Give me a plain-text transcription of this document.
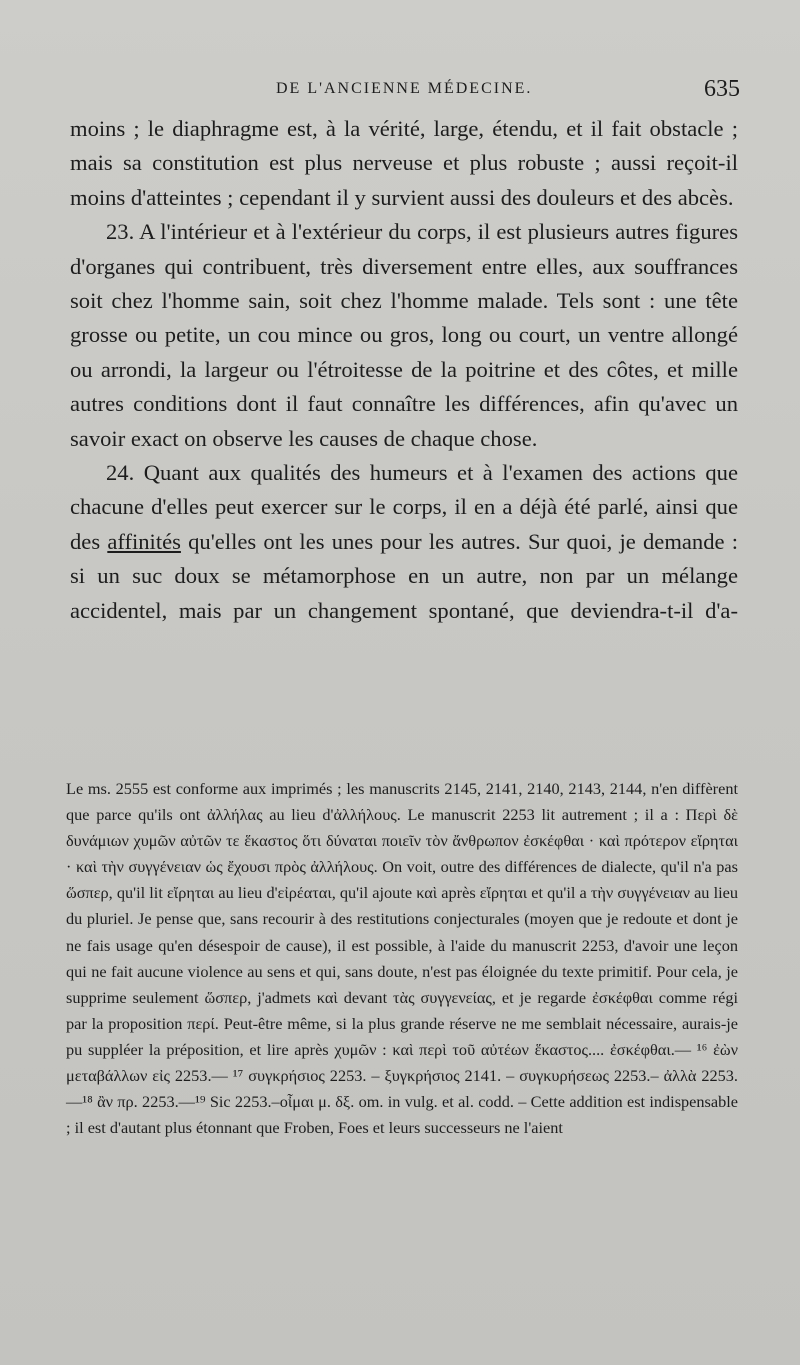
DE L'ANCIENNE MÉDECINE.	635

moins ; le diaphragme est, à la vérité, large, étendu, et il fait obstacle ; mais sa constitution est plus nerveuse et plus robuste ; aussi reçoit-il moins d'atteintes ; cependant il y survient aussi des douleurs et des abcès.

23. A l'intérieur et à l'extérieur du corps, il est plusieurs autres figures d'organes qui contribuent, très diversement entre elles, aux souffrances soit chez l'homme sain, soit chez l'homme malade. Tels sont : une tête grosse ou petite, un cou mince ou gros, long ou court, un ventre allongé ou arrondi, la largeur ou l'étroitesse de la poitrine et des côtes, et mille autres conditions dont il faut connaître les différences, afin qu'avec un savoir exact on observe les causes de chaque chose.

24. Quant aux qualités des humeurs et à l'examen des actions que chacune d'elles peut exercer sur le corps, il en a déjà été parlé, ainsi que des affinités qu'elles ont les unes pour les autres. Sur quoi, je demande : si un suc doux se métamorphose en un autre, non par un mélange accidentel, mais par un changement spontané, que deviendra-t-il d'a-

Le ms. 2555 est conforme aux imprimés ; les manuscrits 2145, 2141, 2140, 2143, 2144, n'en diffèrent que parce qu'ils ont ἀλλήλας au lieu d'ἀλλήλους. Le manuscrit 2253 lit autrement ; il a : Περὶ δὲ δυνάμιων χυμῶν αὐτῶν τε ἕκαστος ὅτι δύναται ποιεῖν τὸν ἄνθρωπον ἐσκέφθαι · καὶ πρότερον εἴρηται · καὶ τὴν συγγένειαν ὡς ἔχουσι πρὸς ἀλλήλους. On voit, outre des différences de dialecte, qu'il n'a pas ὥσπερ, qu'il lit εἴρηται au lieu d'εἰρέαται, qu'il ajoute καὶ après εἴρηται et qu'il a τὴν συγγένειαν au lieu du pluriel. Je pense que, sans recourir à des restitutions conjecturales (moyen que je redoute et dont je ne fais usage qu'en désespoir de cause), il est possible, à l'aide du manuscrit 2253, d'avoir une leçon qui ne fait aucune violence au sens et qui, sans doute, n'est pas éloignée du texte primitif. Pour cela, je supprime seulement ὥσπερ, j'admets καὶ devant τὰς συγγενείας, et je regarde ἐσκέφθαι comme régi par la proposition περί. Peut-être même, si la plus grande réserve ne me semblait nécessaire, aurais-je pu suppléer la préposition, et lire après χυμῶν : καὶ περὶ τοῦ αὐτέων ἕκαστος.... ἐσκέφθαι.— ¹⁶ ἐὼν μεταβάλλων εἰς 2253.— ¹⁷ συγκρήσιος 2253. – ξυγκρήσιος 2141. – συγκυρήσεως 2253.– ἀλλὰ 2253.—¹⁸ ἂν πρ. 2253.—¹⁹ Sic 2253.–οἶμαι μ. δξ. om. in vulg. et al. codd. – Cette addition est indispensable ; il est d'autant plus étonnant que Froben, Foes et leurs successeurs ne l'aient
